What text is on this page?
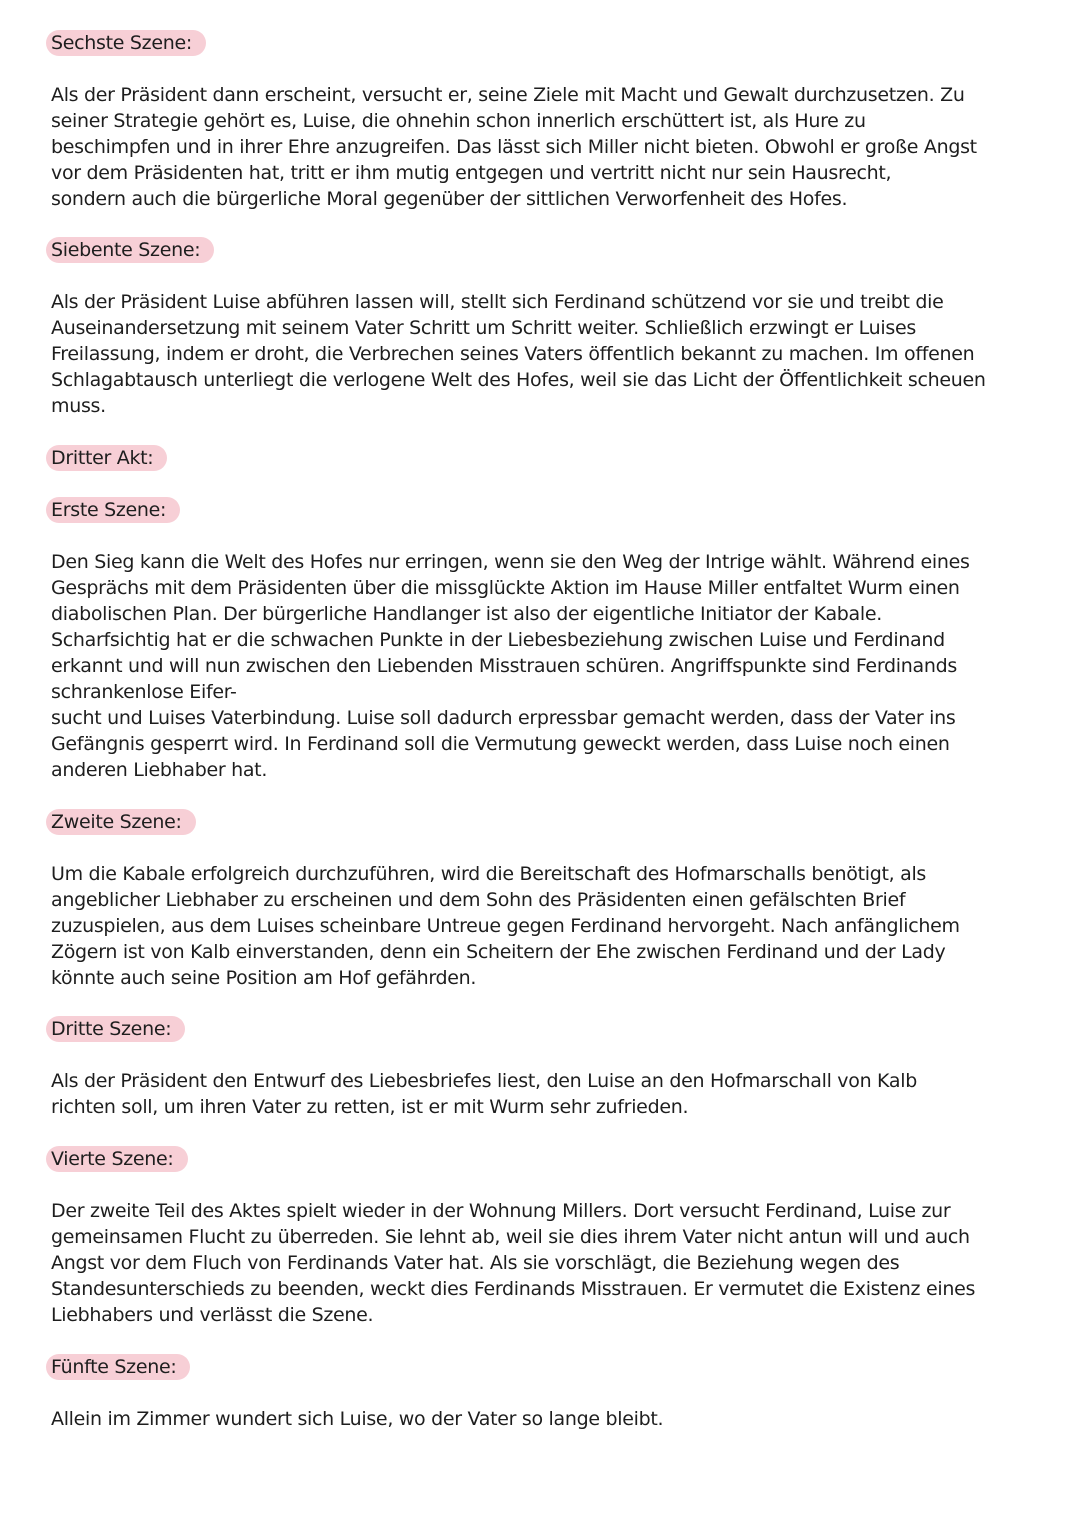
Sechste Szene:

Als der Präsident dann erscheint, versucht er, seine Ziele mit Macht und Gewalt durchzusetzen. Zu
seiner Strategie gehört es, Luise, die ohnehin schon innerlich erschüttert ist, als Hure zu
beschimpfen und in ihrer Ehre anzugreifen. Das lässt sich Miller nicht bieten. Obwohl er große Angst
vor dem Präsidenten hat, tritt er ihm mutig entgegen und vertritt nicht nur sein Hausrecht,
sondern auch die bürgerliche Moral gegenüber der sittlichen Verworfenheit des Hofes.

Siebente Szene:

Als der Präsident Luise abführen lassen will, stellt sich Ferdinand schützend vor sie und treibt die
Auseinandersetzung mit seinem Vater Schritt um Schritt weiter. Schließlich erzwingt er Luises
Freilassung, indem er droht, die Verbrechen seines Vaters öffentlich bekannt zu machen. Im offenen
Schlagabtausch unterliegt die verlogene Welt des Hofes, weil sie das Licht der Öffentlichkeit scheuen
muss.

Dritter Akt:
Erste Szene:

Den Sieg kann die Welt des Hofes nur erringen, wenn sie den Weg der Intrige wählt. Während eines
Gesprächs mit dem Präsidenten über die missglückte Aktion im Hause Miller entfaltet Wurm einen
diabolischen Plan. Der bürgerliche Handlanger ist also der eigentliche Initiator der Kabale.
Scharfsichtig hat er die schwachen Punkte in der Liebesbeziehung zwischen Luise und Ferdinand
erkannt und will nun zwischen den Liebenden Misstrauen schüren. Angriffspunkte sind Ferdinands
schrankenlose Eifer-
sucht und Luises Vaterbindung. Luise soll dadurch erpressbar gemacht werden, dass der Vater ins
Gefängnis gesperrt wird. In Ferdinand soll die Vermutung geweckt werden, dass Luise noch einen
anderen Liebhaber hat.

Zweite Szene:

Um die Kabale erfolgreich durchzuführen, wird die Bereitschaft des Hofmarschalls benötigt, als
angeblicher Liebhaber zu erscheinen und dem Sohn des Präsidenten einen gefälschten Brief
zuzuspielen, aus dem Luises scheinbare Untreue gegen Ferdinand hervorgeht. Nach anfänglichem
Zögern ist von Kalb einverstanden, denn ein Scheitern der Ehe zwischen Ferdinand und der Lady
könnte auch seine Position am Hof gefährden.

Dritte Szene:

Als der Präsident den Entwurf des Liebesbriefes liest, den Luise an den Hofmarschall von Kalb
richten soll, um ihren Vater zu retten, ist er mit Wurm sehr zufrieden.

Vierte Szene:

Der zweite Teil des Aktes spielt wieder in der Wohnung Millers. Dort versucht Ferdinand, Luise zur
gemeinsamen Flucht zu überreden. Sie lehnt ab, weil sie dies ihrem Vater nicht antun will und auch
Angst vor dem Fluch von Ferdinands Vater hat. Als sie vorschlägt, die Beziehung wegen des
Standesunterschieds zu beenden, weckt dies Ferdinands Misstrauen. Er vermutet die Existenz eines
Liebhabers und verlässt die Szene.

Fünfte Szene:

Allein im Zimmer wundert sich Luise, wo der Vater so lange bleibt.
